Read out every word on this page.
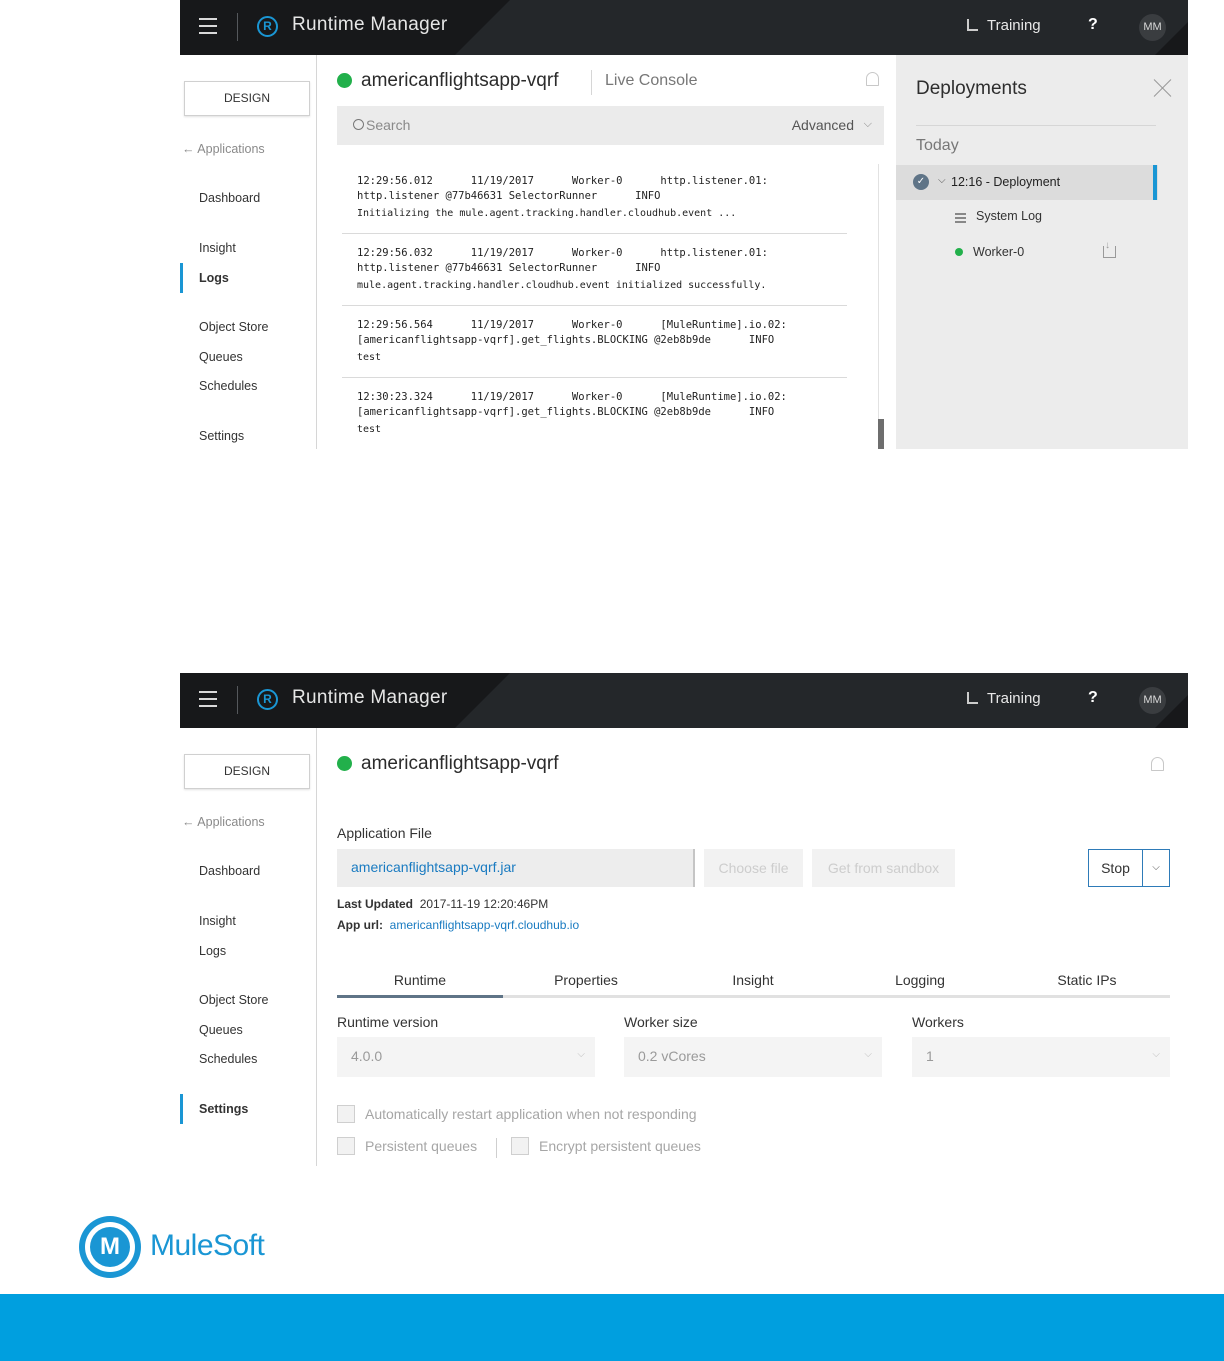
R	Runtime Manager	Training	?	MM
DESIGN
← Applications
Dashboard
Insight
Logs
Object Store
Queues
Schedules
Settings
americanflightsapp-vqrf	Live Console
Search	Advanced ⌵
12:29:56.012      11/19/2017      Worker-0      http.listener.01:
http.listener @77b46631 SelectorRunner      INFO
Initializing the mule.agent.tracking.handler.cloudhub.event ...
12:29:56.032      11/19/2017      Worker-0      http.listener.01:
http.listener @77b46631 SelectorRunner      INFO
mule.agent.tracking.handler.cloudhub.event initialized successfully.
12:29:56.564      11/19/2017      Worker-0      [MuleRuntime].io.02:
[americanflightsapp-vqrf].get_flights.BLOCKING @2eb8b9de      INFO
test
12:30:23.324      11/19/2017      Worker-0      [MuleRuntime].io.02:
[americanflightsapp-vqrf].get_flights.BLOCKING @2eb8b9de      INFO
test
Deployments
Today
✓	⌵ 12:16 - Deployment
System Log
Worker-0
↓
R	Runtime Manager	Training	?	MM
DESIGN
← Applications
Dashboard
Insight
Logs
Object Store
Queues
Schedules
Settings
americanflightsapp-vqrf
Application File
americanflightsapp-vqrf.jar	Choose file	Get from sandbox	Stop	⌵
Last Updated 2017-11-19 12:20:46PM
App url: americanflightsapp-vqrf.cloudhub.io
Runtime	Properties	Insight	Logging	Static IPs
Runtime version	Worker size	Workers
4.0.0	⌵	0.2 vCores	⌵	1	⌵
Automatically restart application when not responding
Persistent queues	Encrypt persistent queues
M	MuleSoft
